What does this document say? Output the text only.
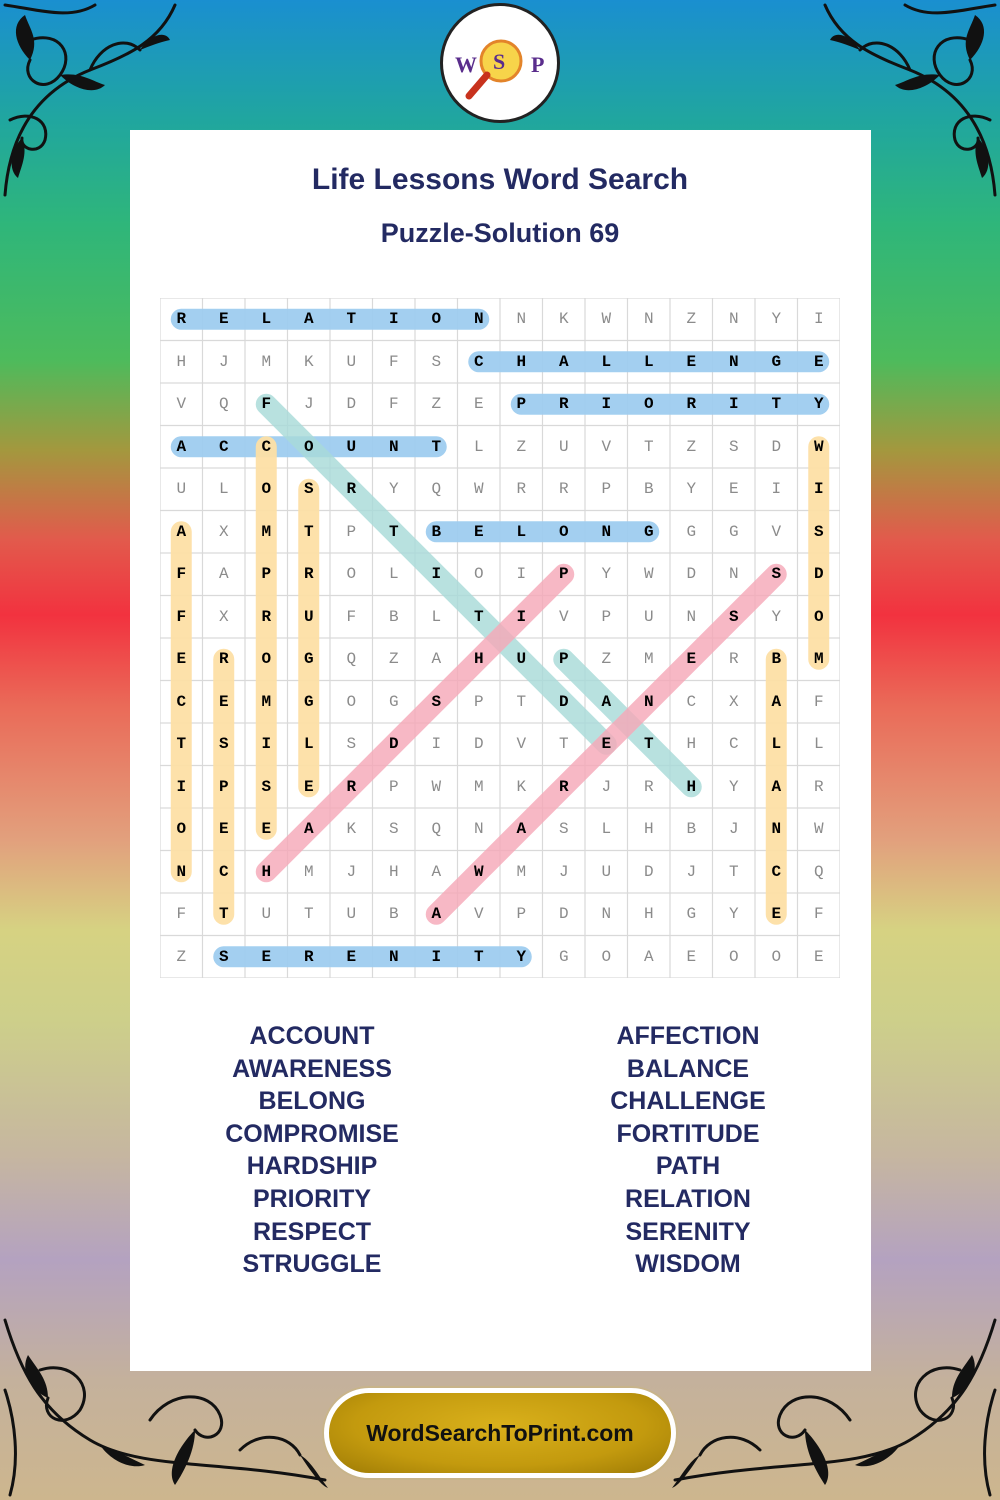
W S P
Life Lessons Word Search
Puzzle-Solution 69
R	E	L	A	T	I	O	N	N	K	W	N	Z	N	Y	I
H	J	M	K	U	F	S	C	H	A	L	L	E	N	G	E
V	Q	F	J	D	F	Z	E	P	R	I	O	R	I	T	Y
A	C	C	O	U	N	T	L	Z	U	V	T	Z	S	D	W
U	L	O	S	R	Y	Q	W	R	R	P	B	Y	E	I	I
A	X	M	T	P	T	B	E	L	O	N	G	G	G	V	S
F	A	P	R	O	L	I	O	I	P	Y	W	D	N	S	D
F	X	R	U	F	B	L	T	I	V	P	U	N	S	Y	O
E	R	O	G	Q	Z	A	H	U	P	Z	M	E	R	B	M
C	E	M	G	O	G	S	P	T	D	A	N	C	X	A	F
T	S	I	L	S	D	I	D	V	T	E	T	H	C	L	L
I	P	S	E	R	P	W	M	K	R	J	R	H	Y	A	R
O	E	E	A	K	S	Q	N	A	S	L	H	B	J	N	W
N	C	H	M	J	H	A	W	M	J	U	D	J	T	C	Q
F	T	U	T	U	B	A	V	P	D	N	H	G	Y	E	F
Z	S	E	R	E	N	I	T	Y	G	O	A	E	O	O	E
ACCOUNT
AWARENESS
BELONG
COMPROMISE
HARDSHIP
PRIORITY
RESPECT
STRUGGLE
AFFECTION
BALANCE
CHALLENGE
FORTITUDE
PATH
RELATION
SERENITY
WISDOM
WordSearchToPrint.com
